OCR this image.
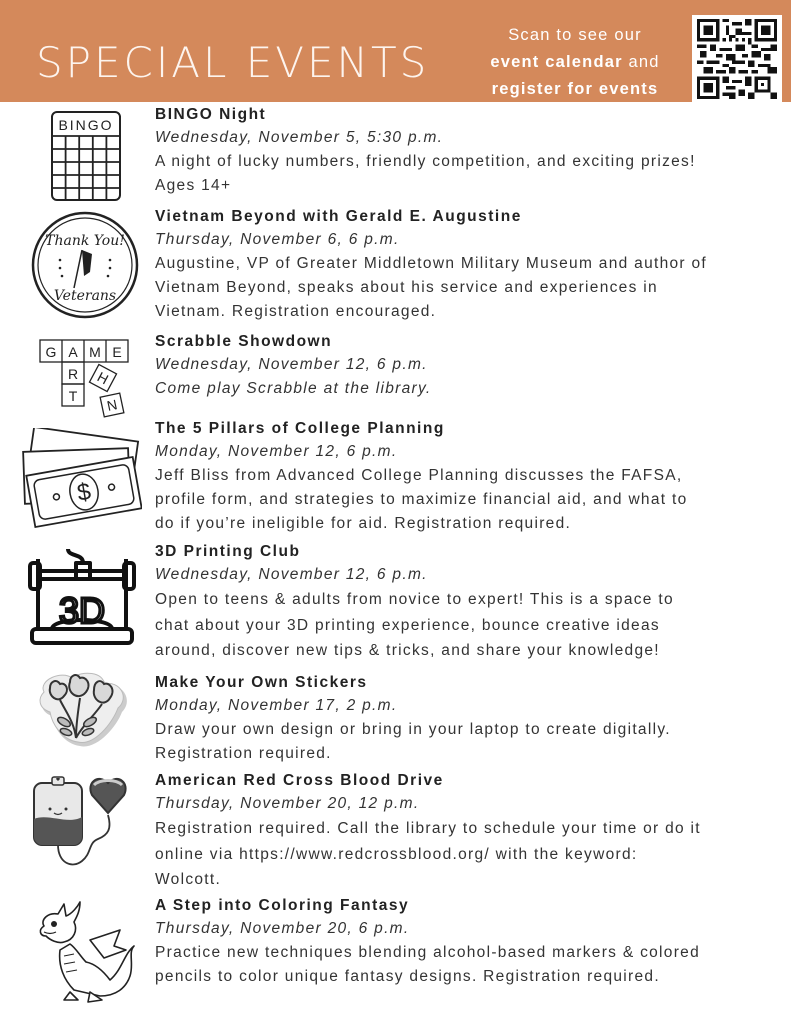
SPECIAL EVENTS
Scan to see our
event calendar and
register for events
BINGO
Thank You!
Veterans
G A M E
R
T
H
N
$
3D
BINGO Night
Wednesday, November 5, 5:30 p.m.
A night of lucky numbers, friendly competition, and exciting prizes!
Ages 14+
Vietnam Beyond with Gerald E. Augustine
Thursday, November 6, 6 p.m.
Augustine, VP of Greater Middletown Military Museum and author of
Vietnam Beyond, speaks about his service and experiences in
Vietnam. Registration encouraged.
Scrabble Showdown
Wednesday, November 12, 6 p.m.
Come play Scrabble at the library.
The 5 Pillars of College Planning
Monday, November 12, 6 p.m.
Jeff Bliss from Advanced College Planning discusses the FAFSA,
profile form, and strategies to maximize financial aid, and what to
do if you’re ineligible for aid. Registration required.
3D Printing Club
Wednesday, November 12, 6 p.m.
Open to teens & adults from novice to expert! This is a space to
chat about your 3D printing experience, bounce creative ideas
around, discover new tips & tricks, and share your knowledge!
Make Your Own Stickers
Monday, November 17, 2 p.m.
Draw your own design or bring in your laptop to create digitally.
Registration required.
American Red Cross Blood Drive
Thursday, November 20, 12 p.m.
Registration required. Call the library to schedule your time or do it
online via https://www.redcrossblood.org/ with the keyword:
Wolcott.
A Step into Coloring Fantasy
Thursday, November 20, 6 p.m.
Practice new techniques blending alcohol-based markers & colored
pencils to color unique fantasy designs. Registration required.
